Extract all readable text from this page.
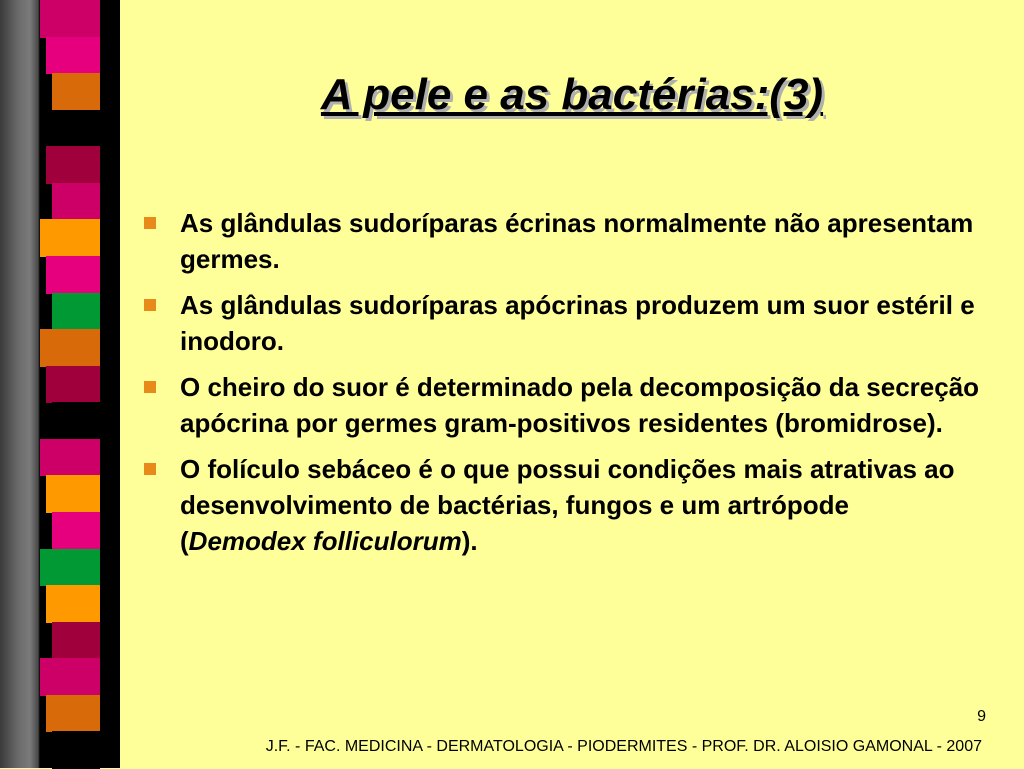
A pele e as bactérias:(3)
As glândulas sudoríparas écrinas normalmente não apresentam germes.
As glândulas sudoríparas apócrinas produzem um suor estéril e inodoro.
O cheiro do suor é determinado pela decomposição da secreção apócrina por germes gram-positivos residentes (bromidrose).
O folículo sebáceo é o que possui condições mais atrativas ao desenvolvimento de bactérias, fungos e um artrópode (Demodex folliculorum).
9
J.F. - FAC. MEDICINA - DERMATOLOGIA - PIODERMITES - PROF. DR. ALOISIO GAMONAL - 2007
